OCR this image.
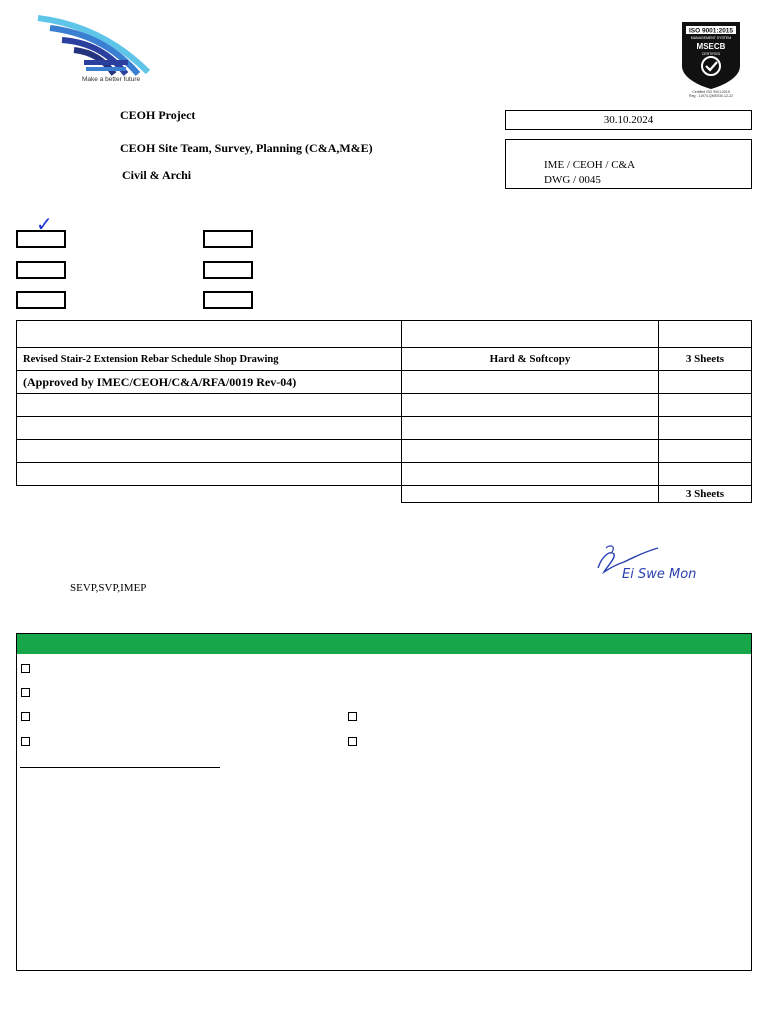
Make a better future
ISO 9001:2015
MANAGEMENT SYSTEM
MSECB
CERTIFIED
Certified ISO 9001:2015
Reg : 11973-QMS030-12-22
CEOH Project
CEOH Site Team, Survey, Planning (C&A,M&E)
Civil & Archi
30.10.2024
IME / CEOH / C&A
DWG / 0045
✓

Revised Stair-2 Extension Rebar Schedule Shop Drawing	Hard & Softcopy	3 Sheets
(Approved by IMEC/CEOH/C&A/RFA/0019 Rev-04)		

		3 Sheets
Ei Swe Mon
SEVP,SVP,IMEP
